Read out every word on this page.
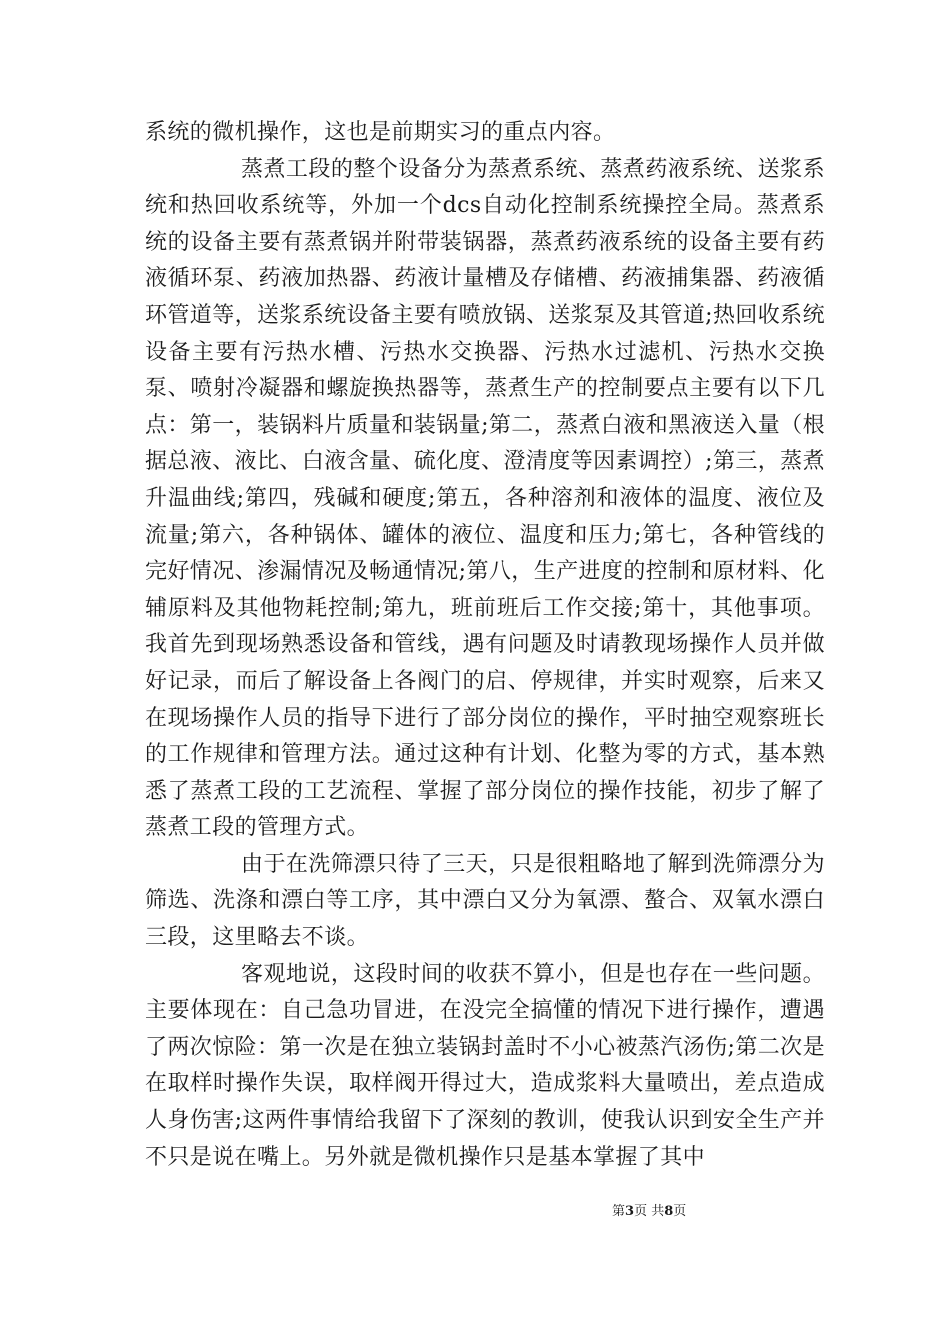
系统的微机操作，这也是前期实习的重点内容。

蒸煮工段的整个设备分为蒸煮系统、蒸煮药液系统、送浆系统和热回收系统等，外加一个dcs自动化控制系统操控全局。蒸煮系统的设备主要有蒸煮锅并附带装锅器，蒸煮药液系统的设备主要有药液循环泵、药液加热器、药液计量槽及存储槽、药液捕集器、药液循环管道等，送浆系统设备主要有喷放锅、送浆泵及其管道;热回收系统设备主要有污热水槽、污热水交换器、污热水过滤机、污热水交换泵、喷射冷凝器和螺旋换热器等，蒸煮生产的控制要点主要有以下几点：第一，装锅料片质量和装锅量;第二，蒸煮白液和黑液送入量（根据总液、液比、白液含量、硫化度、澄清度等因素调控）;第三，蒸煮升温曲线;第四，残碱和硬度;第五，各种溶剂和液体的温度、液位及流量;第六，各种锅体、罐体的液位、温度和压力;第七，各种管线的完好情况、渗漏情况及畅通情况;第八，生产进度的控制和原材料、化辅原料及其他物耗控制;第九，班前班后工作交接;第十，其他事项。我首先到现场熟悉设备和管线，遇有问题及时请教现场操作人员并做好记录，而后了解设备上各阀门的启、停规律，并实时观察，后来又在现场操作人员的指导下进行了部分岗位的操作，平时抽空观察班长的工作规律和管理方法。通过这种有计划、化整为零的方式，基本熟悉了蒸煮工段的工艺流程、掌握了部分岗位的操作技能，初步了解了蒸煮工段的管理方式。

由于在洗筛漂只待了三天，只是很粗略地了解到洗筛漂分为筛选、洗涤和漂白等工序，其中漂白又分为氧漂、螯合、双氧水漂白三段，这里略去不谈。

客观地说，这段时间的收获不算小，但是也存在一些问题。主要体现在：自己急功冒进，在没完全搞懂的情况下进行操作，遭遇了两次惊险：第一次是在独立装锅封盖时不小心被蒸汽汤伤;第二次是在取样时操作失误，取样阀开得过大，造成浆料大量喷出，差点造成人身伤害;这两件事情给我留下了深刻的教训，使我认识到安全生产并不只是说在嘴上。另外就是微机操作只是基本掌握了其中

第3页 共8页
